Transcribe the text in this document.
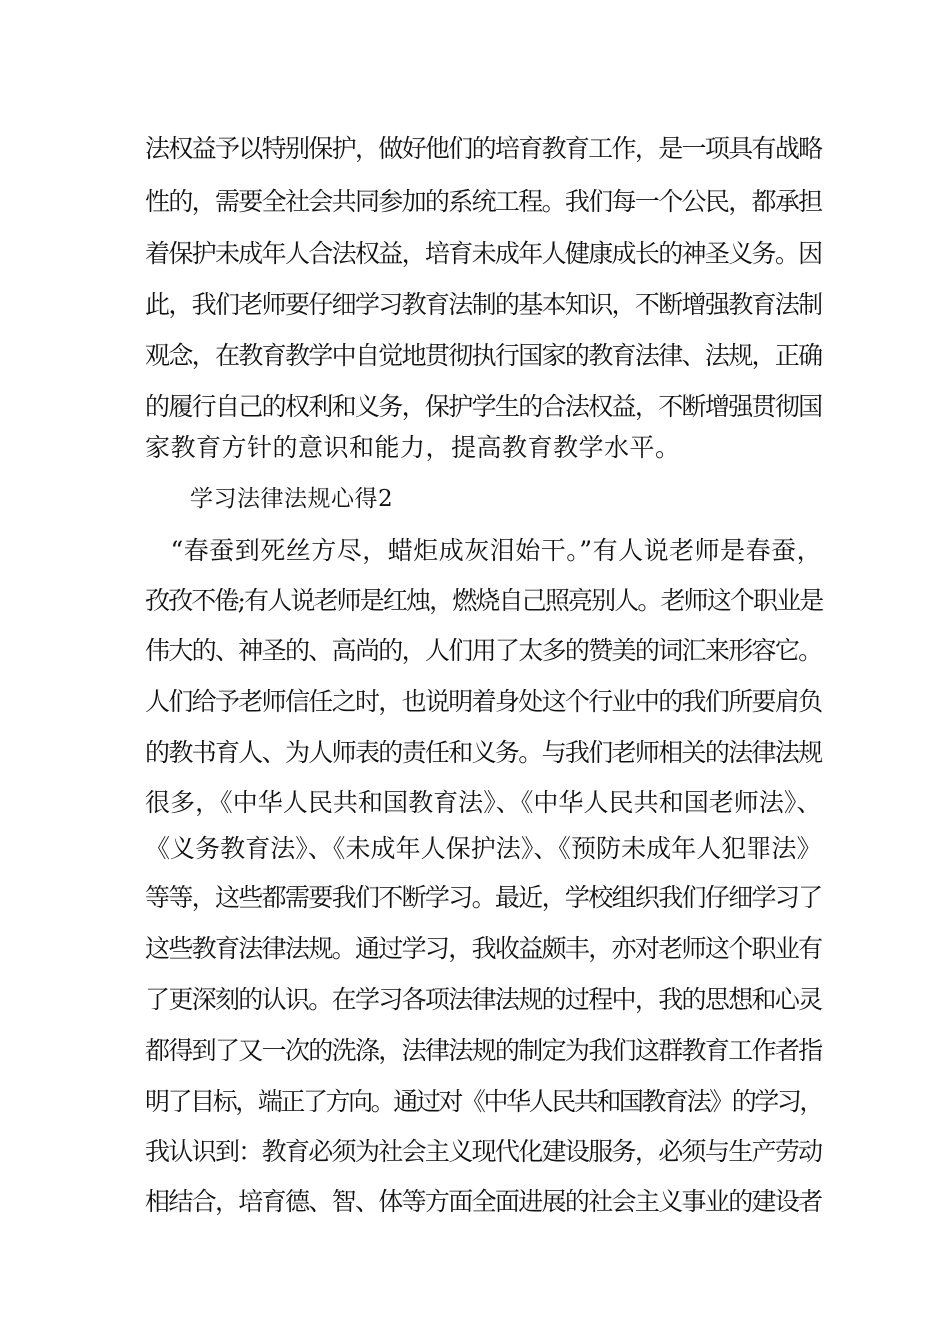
法权益予以特别保护，做好他们的培育教育工作，是一项具有战略
性的，需要全社会共同参加的系统工程。我们每一个公民，都承担
着保护未成年人合法权益，培育未成年人健康成长的神圣义务。因
此，我们老师要仔细学习教育法制的基本知识，不断增强教育法制
观念，在教育教学中自觉地贯彻执行国家的教育法律、法规，正确
的履行自己的权利和义务，保护学生的合法权益，不断增强贯彻国
家教育方针的意识和能力，提高教育教学水平。
学习法律法规心得2
　“春蚕到死丝方尽，蜡炬成灰泪始干。”有人说老师是春蚕，
孜孜不倦;有人说老师是红烛，燃烧自己照亮别人。老师这个职业是
伟大的、神圣的、高尚的，人们用了太多的赞美的词汇来形容它。
人们给予老师信任之时，也说明着身处这个行业中的我们所要肩负
的教书育人、为人师表的责任和义务。与我们老师相关的法律法规
很多，《中华人民共和国教育法》、《中华人民共和国老师法》、
《义务教育法》、《未成年人保护法》、《预防未成年人犯罪法》
等等，这些都需要我们不断学习。最近，学校组织我们仔细学习了
这些教育法律法规。通过学习，我收益颇丰，亦对老师这个职业有
了更深刻的认识。在学习各项法律法规的过程中，我的思想和心灵
都得到了又一次的洗涤，法律法规的制定为我们这群教育工作者指
明了目标，端正了方向。通过对《中华人民共和国教育法》的学习，
我认识到：教育必须为社会主义现代化建设服务，必须与生产劳动
相结合，培育德、智、体等方面全面进展的社会主义事业的建设者
